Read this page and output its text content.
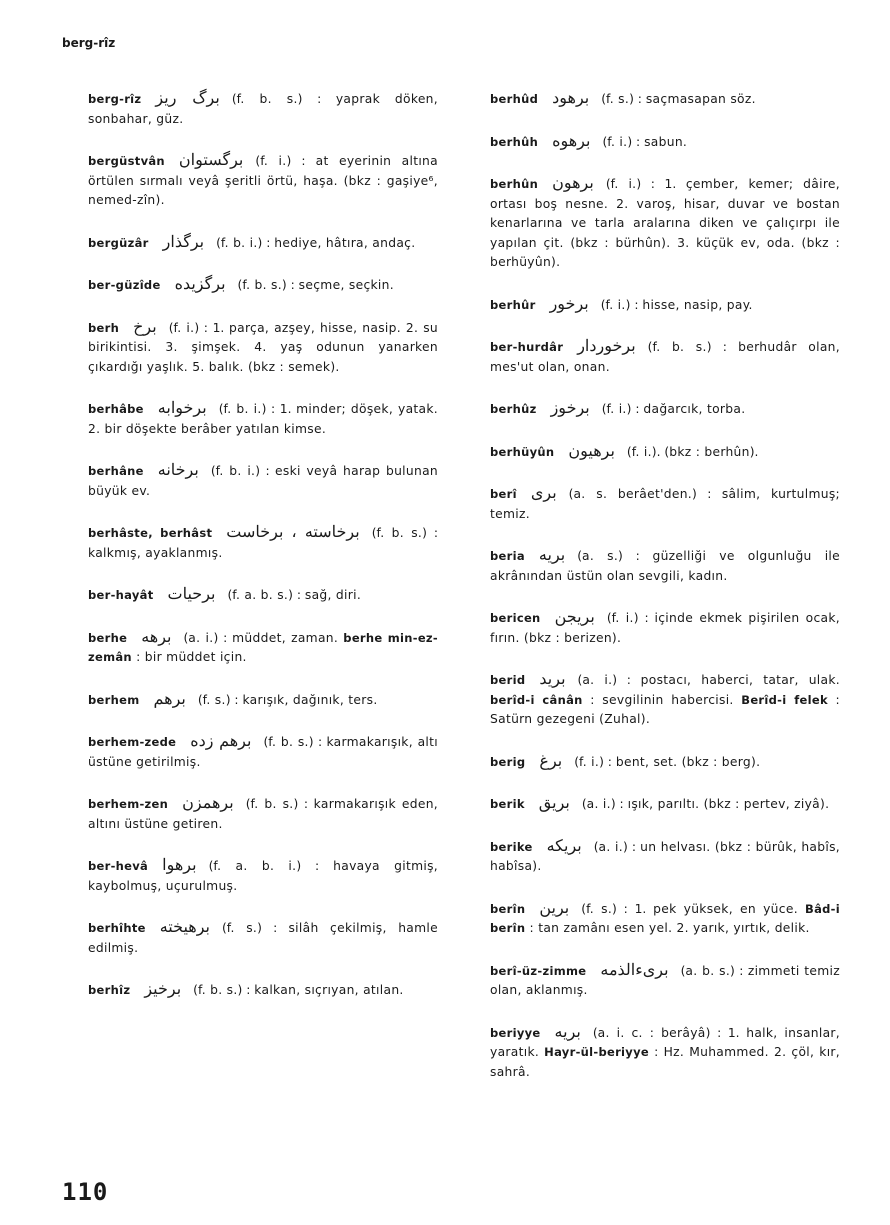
berg-rîz
berg-rîz برگ ریز (f. b. s.) : yaprak döken, sonbahar, güz.
bergüstvân برگستوان (f. i.) : at eyerinin altına örtülen sırmalı veyâ şeritli örtü, haşa. (bkz : gaşiye⁶, nemed-zîn).
bergüzâr برگذار (f. b. i.) : hediye, hâtıra, andaç.
ber-güzîde برگزیده (f. b. s.) : seçme, seçkin.
berh برخ (f. i.) : 1. parça, azşey, hisse, nasip. 2. su birikintisi. 3. şimşek. 4. yaş odunun yanarken çıkardığı yaşlık. 5. balık. (bkz : semek).
berhâbe برخوابه (f. b. i.) : 1. minder; döşek, yatak. 2. bir döşekte berâber yatılan kimse.
berhâne برخانه (f. b. i.) : eski veyâ harap bulunan büyük ev.
berhâste, berhâst برخاسته ، برخاست (f. b. s.) : kalkmış, ayaklanmış.
ber-hayât برحیات (f. a. b. s.) : sağ, diri.
berhe برهه (a. i.) : müddet, zaman. berhe min-ez-zemân : bir müddet için.
berhem برهم (f. s.) : karışık, dağınık, ters.
berhem-zede برهم زده (f. b. s.) : karmakarışık, altı üstüne getirilmiş.
berhem-zen برهمزن (f. b. s.) : karmakarışık eden, altını üstüne getiren.
ber-hevâ برهوا (f. a. b. i.) : havaya gitmiş, kaybolmuş, uçurulmuş.
berhîhte برهیخته (f. s.) : silâh çekilmiş, hamle edilmiş.
berhîz برخیز (f. b. s.) : kalkan, sıçrıyan, atılan.
berhûd برهود (f. s.) : saçmasapan söz.
berhûh برهوه (f. i.) : sabun.
berhûn برهون (f. i.) : 1. çember, kemer; dâire, ortası boş nesne. 2. varoş, hisar, duvar ve bostan kenarlarına ve tarla aralarına diken ve çalıçırpı ile yapılan çit. (bkz : bürhûn). 3. küçük ev, oda. (bkz : berhüyûn).
berhûr برخور (f. i.) : hisse, nasip, pay.
ber-hurdâr برخوردار (f. b. s.) : berhudâr olan, mes'ut olan, onan.
berhûz برخوز (f. i.) : dağarcık, torba.
berhüyûn برهیون (f. i.). (bkz : berhûn).
berî بری (a. s. berâet'den.) : sâlim, kurtulmuş; temiz.
beria بریه (a. s.) : güzelliği ve olgunluğu ile akrânından üstün olan sevgili, kadın.
bericen بریجن (f. i.) : içinde ekmek pişirilen ocak, fırın. (bkz : berizen).
berid برید (a. i.) : postacı, haberci, tatar, ulak. berîd-i cânân : sevgilinin habercisi. Berîd-i felek : Satürn gezegeni (Zuhal).
berig برغ (f. i.) : bent, set. (bkz : berg).
berik بریق (a. i.) : ışık, parıltı. (bkz : pertev, ziyâ).
berike بریکه (a. i.) : un helvası. (bkz : bürûk, habîs, habîsa).
berîn برین (f. s.) : 1. pek yüksek, en yüce. Bâd-i berîn : tan zamânı esen yel. 2. yarık, yırtık, delik.
berî-üz-zimme بریءالذمه (a. b. s.) : zimmeti temiz olan, aklanmış.
beriyye بریه (a. i. c. : berâyâ) : 1. halk, insanlar, yaratık. Hayr-ül-beriyye : Hz. Muhammed. 2. çöl, kır, sahrâ.
110
